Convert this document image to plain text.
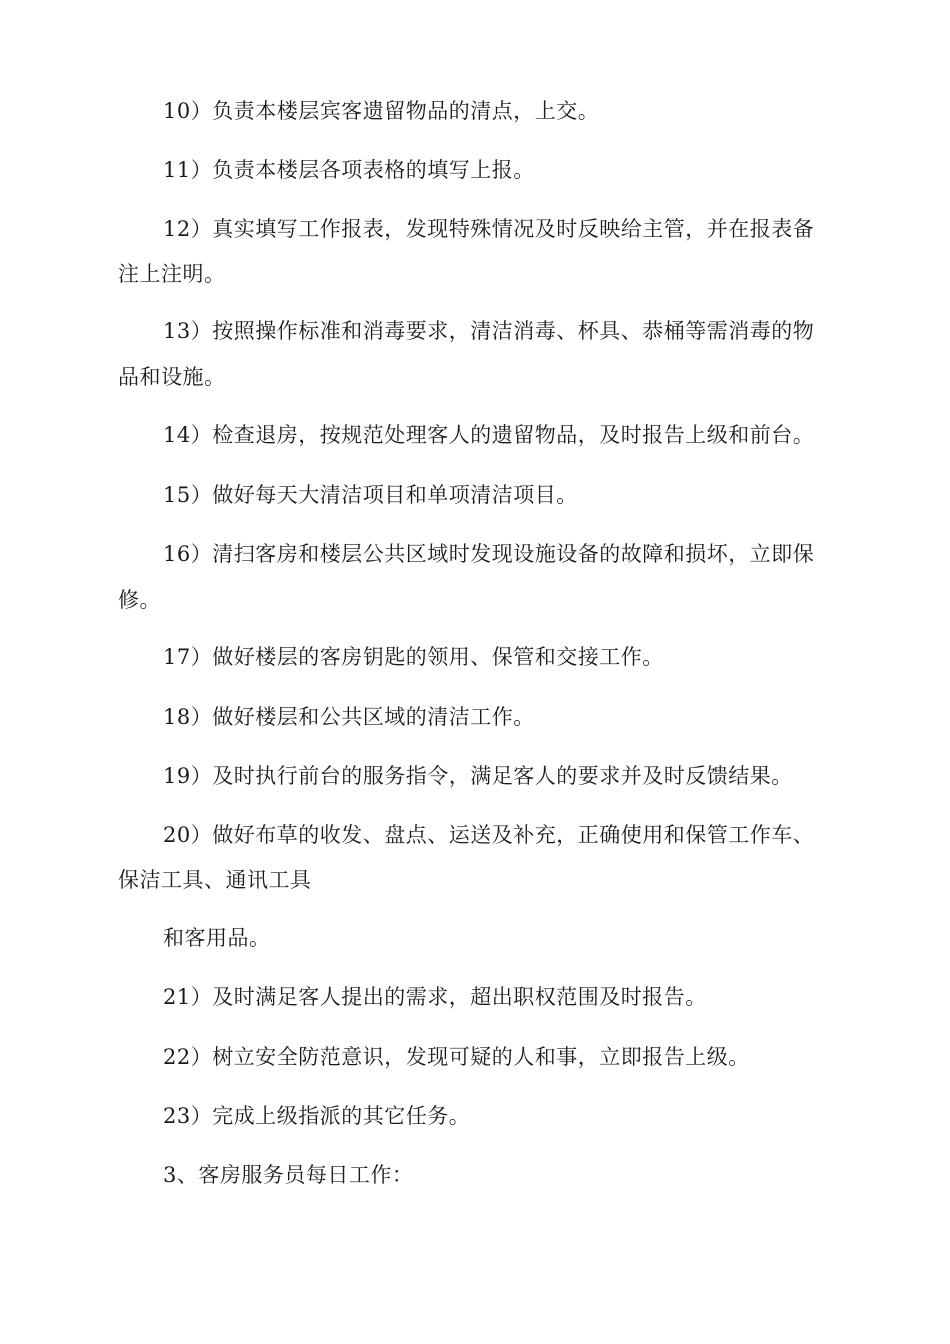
10）负责本楼层宾客遗留物品的清点，上交。
11）负责本楼层各项表格的填写上报。
12）真实填写工作报表，发现特殊情况及时反映给主管，并在报表备
注上注明。
13）按照操作标准和消毒要求，清洁消毒、杯具、恭桶等需消毒的物
品和设施。
14）检查退房，按规范处理客人的遗留物品，及时报告上级和前台。
15）做好每天大清洁项目和单项清洁项目。
16）清扫客房和楼层公共区域时发现设施设备的故障和损坏，立即保
修。
17）做好楼层的客房钥匙的领用、保管和交接工作。
18）做好楼层和公共区域的清洁工作。
19）及时执行前台的服务指令，满足客人的要求并及时反馈结果。
20）做好布草的收发、盘点、运送及补充，正确使用和保管工作车、
保洁工具、通讯工具
和客用品。
21）及时满足客人提出的需求，超出职权范围及时报告。
22）树立安全防范意识，发现可疑的人和事，立即报告上级。
23）完成上级指派的其它任务。
3、客房服务员每日工作：
